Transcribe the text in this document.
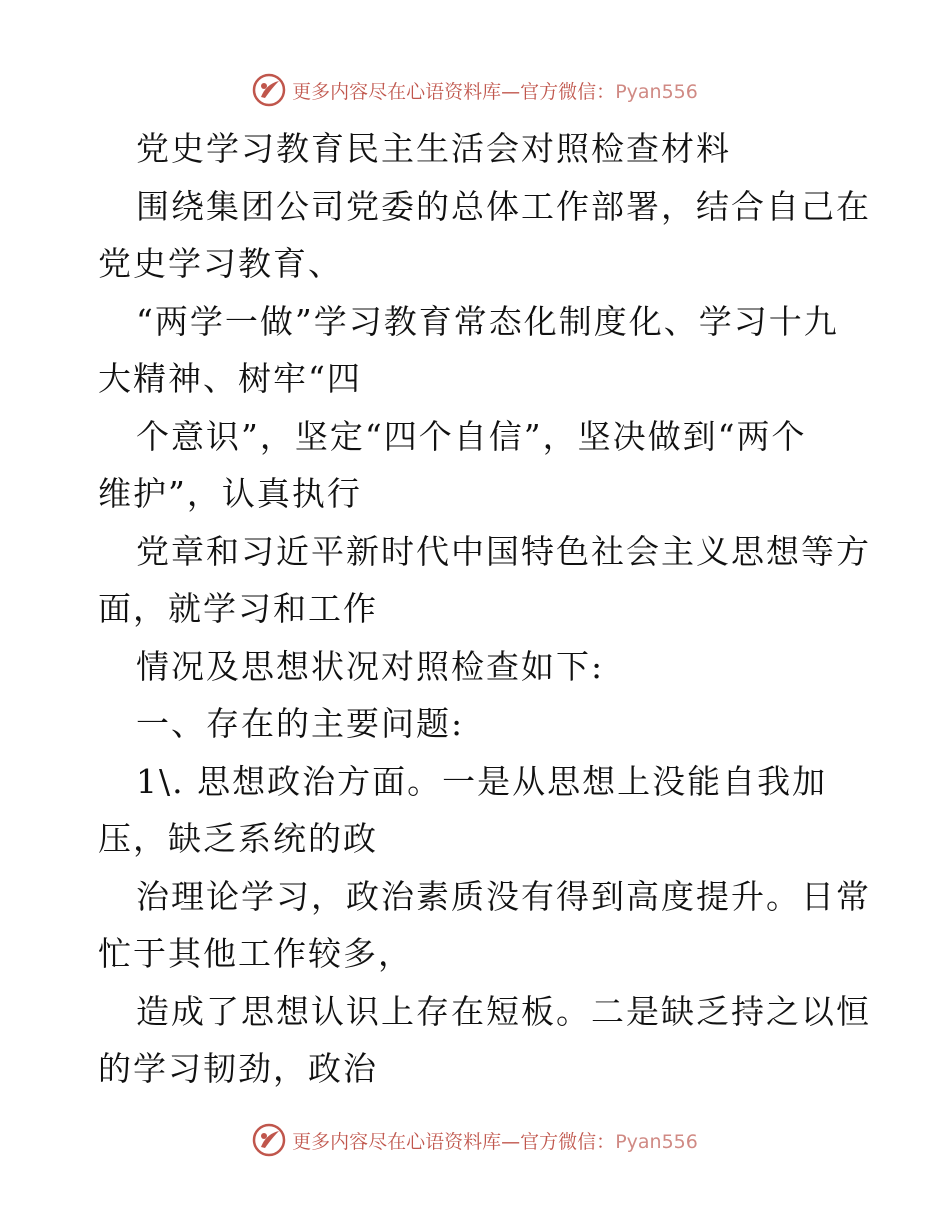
更多内容尽在心语资料库—官方微信：Pyan556
党史学习教育民主生活会对照检查材料
围绕集团公司党委的总体工作部署，结合自己在
党史学习教育、
“两学一做”学习教育常态化制度化、学习十九
大精神、树牢“四
个意识”，坚定“四个自信”，坚决做到“两个
维护”，认真执行
党章和习近平新时代中国特色社会主义思想等方
面，就学习和工作
情况及思想状况对照检查如下:
一、存在的主要问题:
1\. 思想政治方面。一是从思想上没能自我加
压，缺乏系统的政
治理论学习，政治素质没有得到高度提升。日常
忙于其他工作较多，
造成了思想认识上存在短板。二是缺乏持之以恒
的学习韧劲，政治
更多内容尽在心语资料库—官方微信：Pyan556
